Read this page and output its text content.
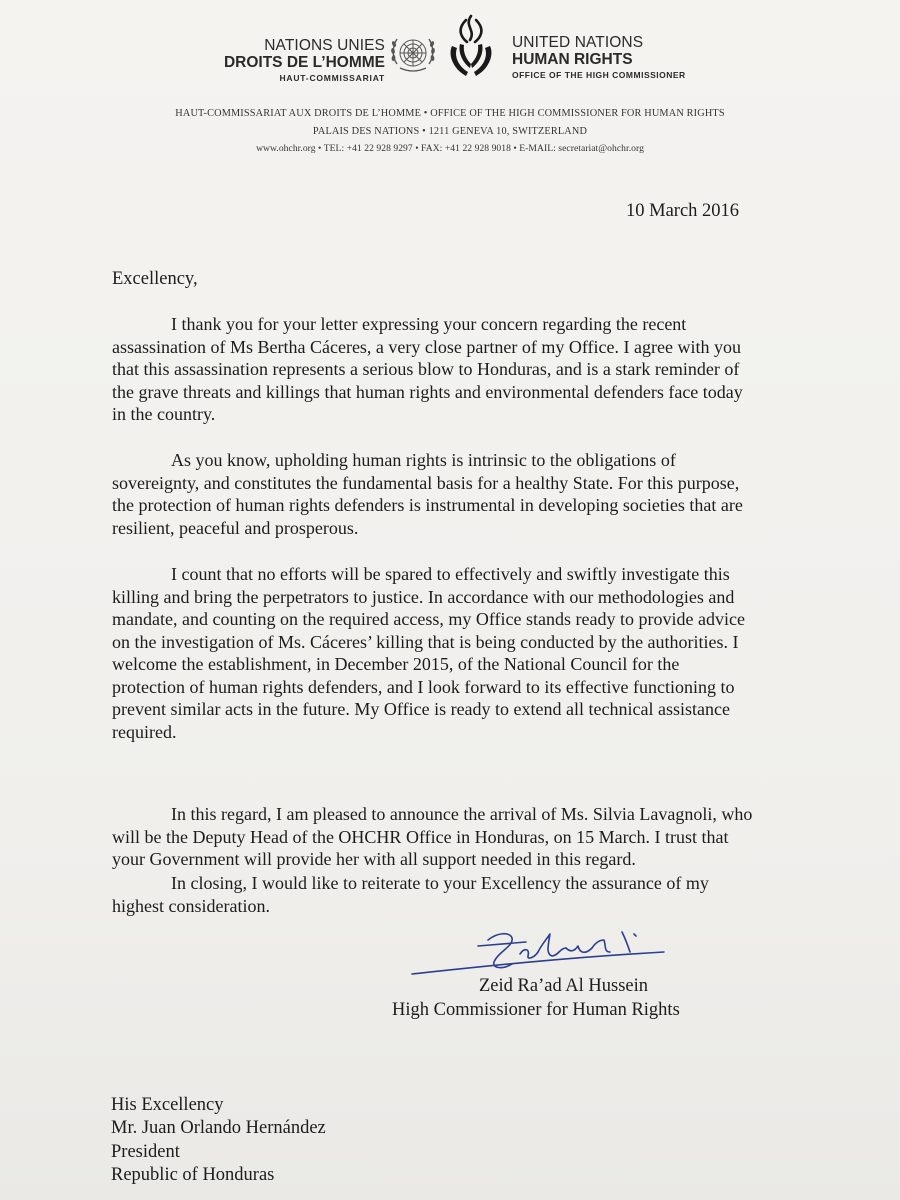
NATIONS UNIES
DROITS DE L’HOMME
HAUT-COMMISSARIAT
UNITED NATIONS
HUMAN RIGHTS
OFFICE OF THE HIGH COMMISSIONER
HAUT-COMMISSARIAT AUX DROITS DE L’HOMME • OFFICE OF THE HIGH COMMISSIONER FOR HUMAN RIGHTS
PALAIS DES NATIONS • 1211 GENEVA 10, SWITZERLAND
www.ohchr.org • TEL: +41 22 928 9297 • FAX: +41 22 928 9018 • E-MAIL: secretariat@ohchr.org
10 March 2016
Excellency,
I thank you for your letter expressing your concern regarding the recent
assassination of Ms Bertha Cáceres, a very close partner of my Office. I agree with you
that this assassination represents a serious blow to Honduras, and is a stark reminder of
the grave threats and killings that human rights and environmental defenders face today
in the country.
As you know, upholding human rights is intrinsic to the obligations of
sovereignty, and constitutes the fundamental basis for a healthy State. For this purpose,
the protection of human rights defenders is instrumental in developing societies that are
resilient, peaceful and prosperous.
I count that no efforts will be spared to effectively and swiftly investigate this
killing and bring the perpetrators to justice. In accordance with our methodologies and
mandate, and counting on the required access, my Office stands ready to provide advice
on the investigation of Ms. Cáceres’ killing that is being conducted by the authorities. I
welcome the establishment, in December 2015, of the National Council for the
protection of human rights defenders, and I look forward to its effective functioning to
prevent similar acts in the future. My Office is ready to extend all technical assistance
required.
In this regard, I am pleased to announce the arrival of Ms. Silvia Lavagnoli, who
will be the Deputy Head of the OHCHR Office in Honduras, on 15 March. I trust that
your Government will provide her with all support needed in this regard.
In closing, I would like to reiterate to your Excellency the assurance of my
highest consideration.
Zeid Ra’ad Al Hussein
High Commissioner for Human Rights
His Excellency
Mr. Juan Orlando Hernández
President
Republic of Honduras
